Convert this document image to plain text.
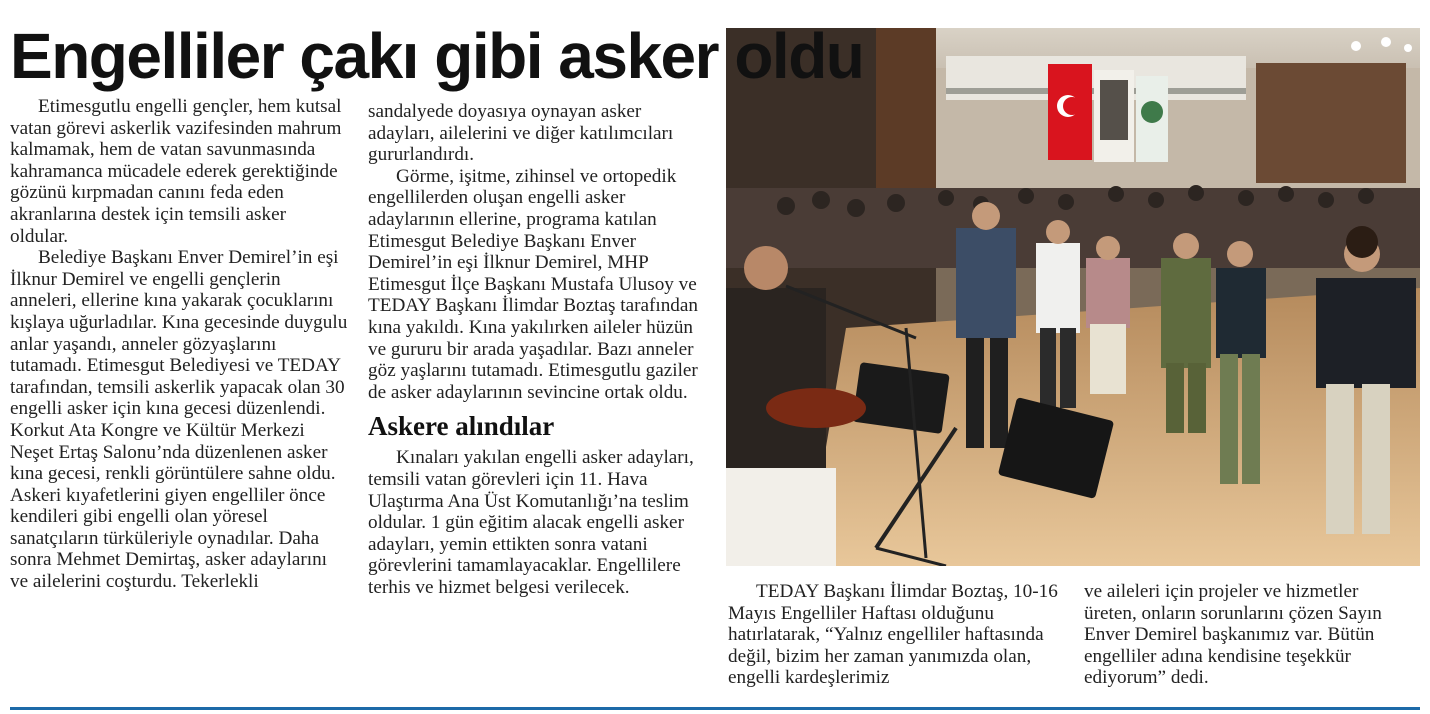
Engelliler çakı gibi asker oldu

Etimesgutlu engelli gençler, hem kutsal vatan görevi askerlik vazifesinden mahrum kalmamak, hem de vatan savunmasında kahramanca mücadele ederek gerektiğinde gözünü kırpmadan canını feda eden akranlarına destek için temsili asker oldular.

Belediye Başkanı Enver Demirel’in eşi İlknur Demirel ve engelli gençlerin anneleri, ellerine kına yakarak çocuklarını kışlaya uğurladılar. Kına gecesinde duygulu anlar yaşandı, anneler gözyaşlarını tutamadı. Etimesgut Belediyesi ve TEDAY tarafından, temsili askerlik yapacak olan 30 engelli asker için kına gecesi düzenlendi. Korkut Ata Kongre ve Kültür Merkezi Neşet Ertaş Salonu’nda düzenlenen asker kına gecesi, renkli görüntülere sahne oldu. Askeri kıyafetlerini giyen engelliler önce kendileri gibi engelli olan yöresel sanatçıların türküleriyle oynadılar. Daha sonra Mehmet Demirtaş, asker adaylarını ve ailelerini coşturdu. Tekerlekli

sandalyede doyasıya oynayan asker adayları, ailelerini ve diğer katılımcıları gururlandırdı.

Görme, işitme, zihinsel ve ortopedik engellilerden oluşan engelli asker adaylarının ellerine, programa katılan Etimesgut Belediye Başkanı Enver Demirel’in eşi İlknur Demirel, MHP Etimesgut İlçe Başkanı Mustafa Ulusoy ve TEDAY Başkanı İlimdar Boztaş tarafından kına yakıldı. Kına yakılırken aileler hüzün ve gururu bir arada yaşadılar. Bazı anneler göz yaşlarını tutamadı. Etimesgutlu gaziler de asker adaylarının sevincine ortak oldu.

Askere alındılar

Kınaları yakılan engelli asker adayları, temsili vatan görevleri için 11. Hava Ulaştırma Ana Üst Komutanlığı’na teslim oldular. 1 gün eğitim alacak engelli asker adayları, yemin ettikten sonra vatani görevlerini tamamlayacaklar. Engellilere terhis ve hizmet belgesi verilecek.	TEDAY Başkanı İlimdar Boztaş, 10-16 Mayıs Engelliler Haftası olduğunu hatırlatarak, “Yalnız engelliler haftasında değil, bizim her zaman yanımızda olan, engelli kardeşlerimiz

ve aileleri için projeler ve hizmetler üreten, onların sorunlarını çözen Sayın Enver Demirel başkanımız var. Bütün engelliler adına kendisine teşekkür ediyorum” dedi.
